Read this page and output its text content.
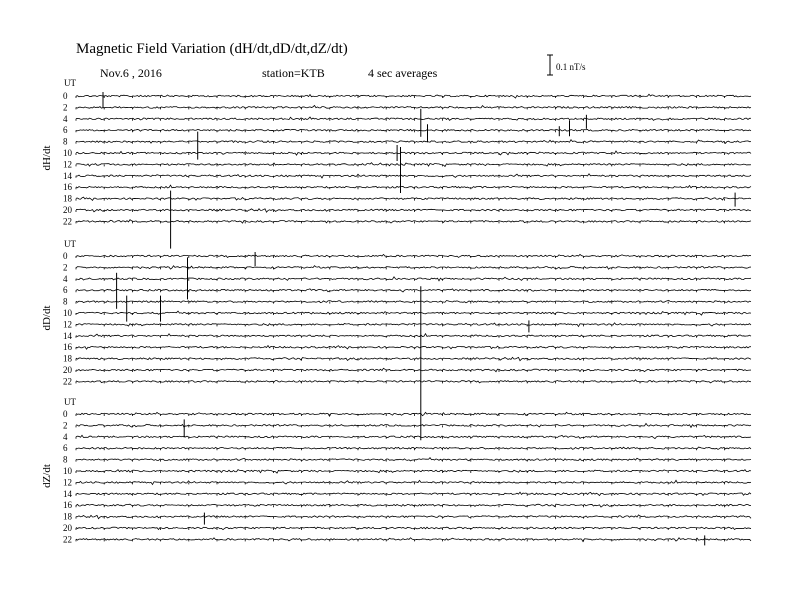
Magnetic Field Variation (dH/dt,dD/dt,dZ/dt)
Nov.6 , 2016	station=KTB	4 sec averages	0.1 nT/s
UT
dH/dt
0
2
4
6
8
10
12
14
16
18
20
22
UT
dD/dt
0
2
4
6
8
10
12
14
16
18
20
22
UT
dZ/dt
0
2
4
6
8
10
12
14
16
18
20
22
